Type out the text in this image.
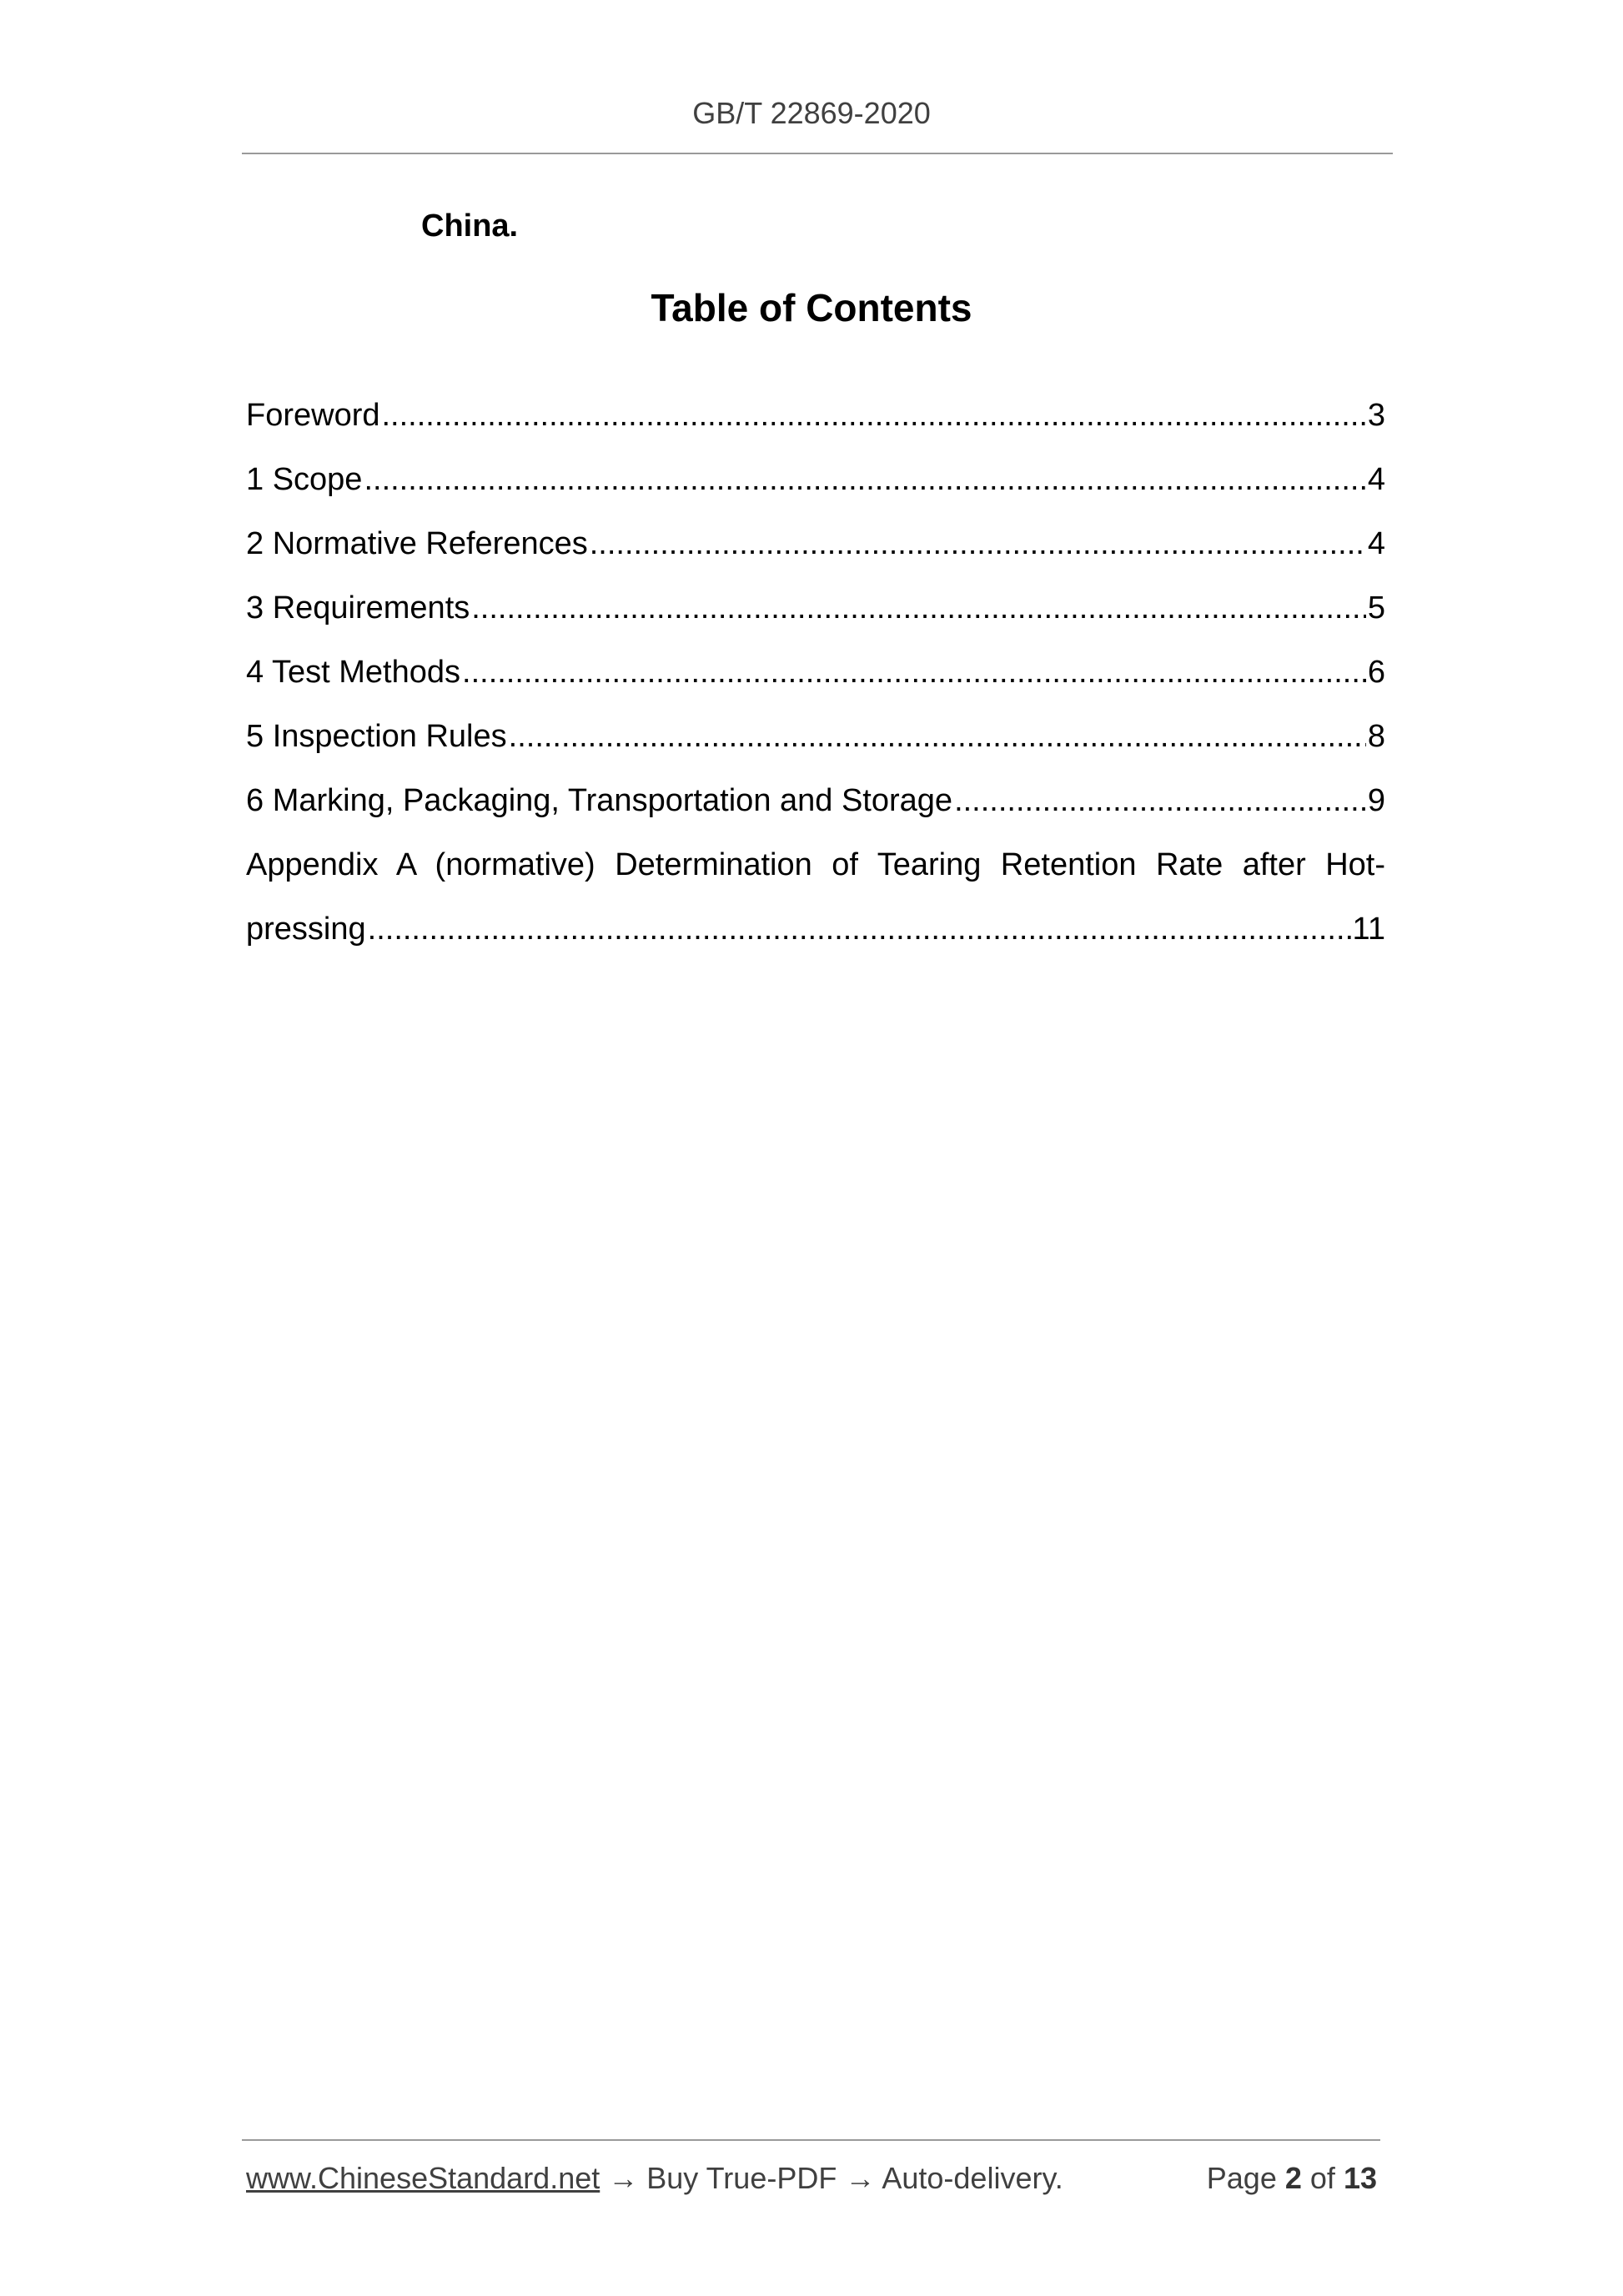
GB/T 22869-2020
China.
Table of Contents
Foreword .....	3
1 Scope .....	4
2 Normative References .....	4
3 Requirements .....	5
4 Test Methods .....	6
5 Inspection Rules .....	8
6 Marking, Packaging, Transportation and Storage .....	9
Appendix A (normative) Determination of Tearing Retention Rate after Hot-
pressing .....	11
www.ChineseStandard.net → Buy True-PDF → Auto-delivery.	Page 2 of 13
